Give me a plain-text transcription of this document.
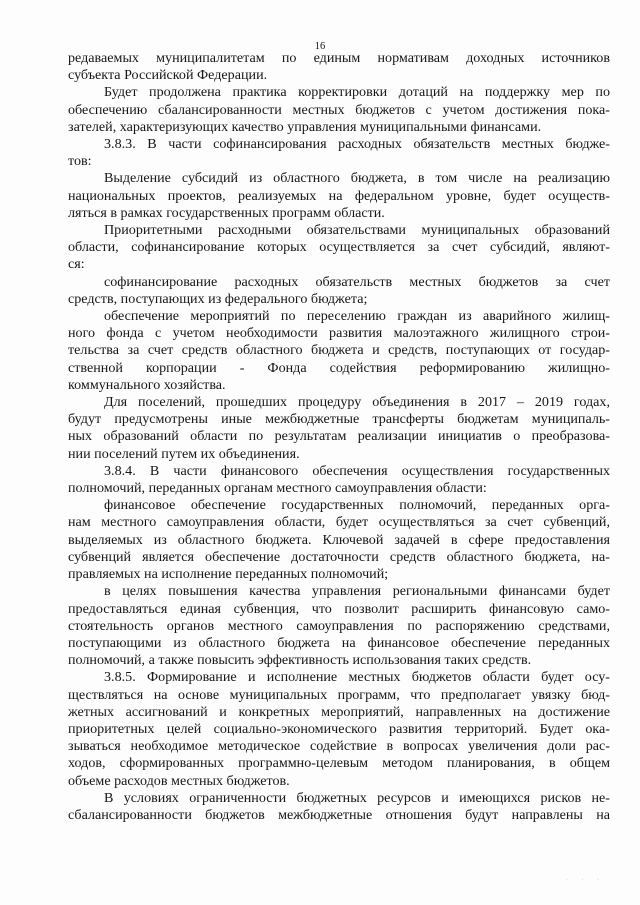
16

редаваемых муниципалитетам по единым нормативам доходных источников

субъекта Российской Федерации.

Будет продолжена практика корректировки дотаций на поддержку мер по

обеспечению сбалансированности местных бюджетов с учетом достижения пока-

зателей, характеризующих качество управления муниципальными финансами.

3.8.3. В части софинансирования расходных обязательств местных бюдже-

тов:

Выделение субсидий из областного бюджета, в том числе на реализацию

национальных проектов, реализуемых на федеральном уровне, будет осуществ-

ляться в рамках государственных программ области.

Приоритетными расходными обязательствами муниципальных образований

области, софинансирование которых осуществляется за счет субсидий, являют-

ся:

софинансирование расходных обязательств местных бюджетов за счет

средств, поступающих из федерального бюджета;

обеспечение мероприятий по переселению граждан из аварийного жилищ-

ного фонда с учетом необходимости развития малоэтажного жилищного строи-

тельства за счет средств областного бюджета и средств, поступающих от государ-

ственной корпорации - Фонда содействия реформированию жилищно-

коммунального хозяйства.

Для поселений, прошедших процедуру объединения в 2017 – 2019 годах,

будут предусмотрены иные межбюджетные трансферты бюджетам муниципаль-

ных образований области по результатам реализации инициатив о преобразова-

нии поселений путем их объединения.

3.8.4. В части финансового обеспечения осуществления государственных

полномочий, переданных органам местного самоуправления области:

финансовое обеспечение государственных полномочий, переданных орга-

нам местного самоуправления области, будет осуществляться за счет субвенций,

выделяемых из областного бюджета. Ключевой задачей в сфере предоставления

субвенций является обеспечение достаточности средств областного бюджета, на-

правляемых на исполнение переданных полномочий;

в целях повышения качества управления региональными финансами будет

предоставляться единая субвенция, что позволит расширить финансовую само-

стоятельность органов местного самоуправления по распоряжению средствами,

поступающими из областного бюджета на финансовое обеспечение переданных

полномочий, а также повысить эффективность использования таких средств.

3.8.5. Формирование и исполнение местных бюджетов области будет осу-

ществляться на основе муниципальных программ, что предполагает увязку бюд-

жетных ассигнований и конкретных мероприятий, направленных на достижение

приоритетных целей социально-экономического развития территорий. Будет ока-

зываться необходимое методическое содействие в вопросах увеличения доли рас-

ходов, сформированных программно-целевым методом планирования, в общем

объеме расходов местных бюджетов.

В условиях ограниченности бюджетных ресурсов и имеющихся рисков не-

сбалансированности бюджетов межбюджетные отношения будут направлены на

· · ·
